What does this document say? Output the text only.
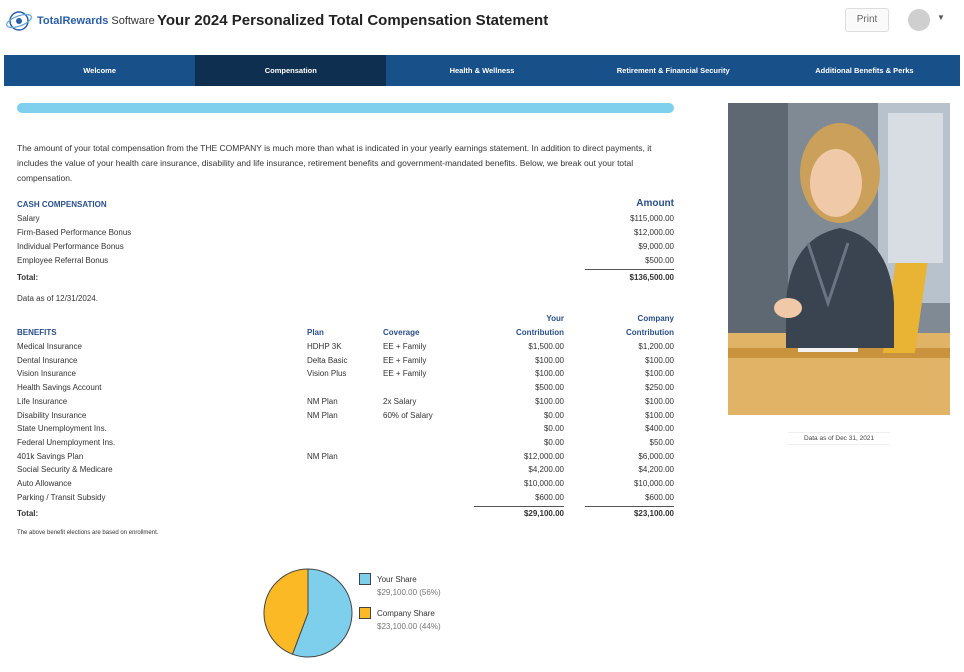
TotalRewards Software Your 2024 Personalized Total Compensation Statement	Print	▼
Welcome	Compensation	Health & Wellness	Retirement & Financial Security	Additional Benefits & Perks
The amount of your total compensation from the THE COMPANY is much more than what is indicated in your yearly earnings statement. In addition to direct payments, it includes the value of your health care insurance, disability and life insurance, retirement benefits and government-mandated benefits. Below, we break out your total compensation.
CASH COMPENSATION	Amount
Salary	$115,000.00
Firm-Based Performance Bonus	$12,000.00
Individual Performance Bonus	$9,000.00
Employee Referral Bonus	$500.00
Total:	$136,500.00
Data as of 12/31/2024.
Your	Company
BENEFITS	Plan	Coverage	Contribution	Contribution
Medical Insurance	HDHP 3K	EE + Family	$1,500.00	$1,200.00
Dental Insurance	Delta Basic	EE + Family	$100.00	$100.00
Vision Insurance	Vision Plus	EE + Family	$100.00	$100.00
Health Savings Account	$500.00	$250.00
Life Insurance	NM Plan	2x Salary	$100.00	$100.00
Disability Insurance	NM Plan	60% of Salary	$0.00	$100.00
State Unemployment Ins.	$0.00	$400.00
Federal Unemployment Ins.	$0.00	$50.00
401k Savings Plan	NM Plan	$12,000.00	$6,000.00
Social Security & Medicare	$4,200.00	$4,200.00
Auto Allowance	$10,000.00	$10,000.00
Parking / Transit Subsidy	$600.00	$600.00
Total:	$29,100.00	$23,100.00
The above benefit elections are based on enrollment.
Data as of Dec 31, 2021
Your Share
$29,100.00 (56%)
Company Share
$23,100.00 (44%)
